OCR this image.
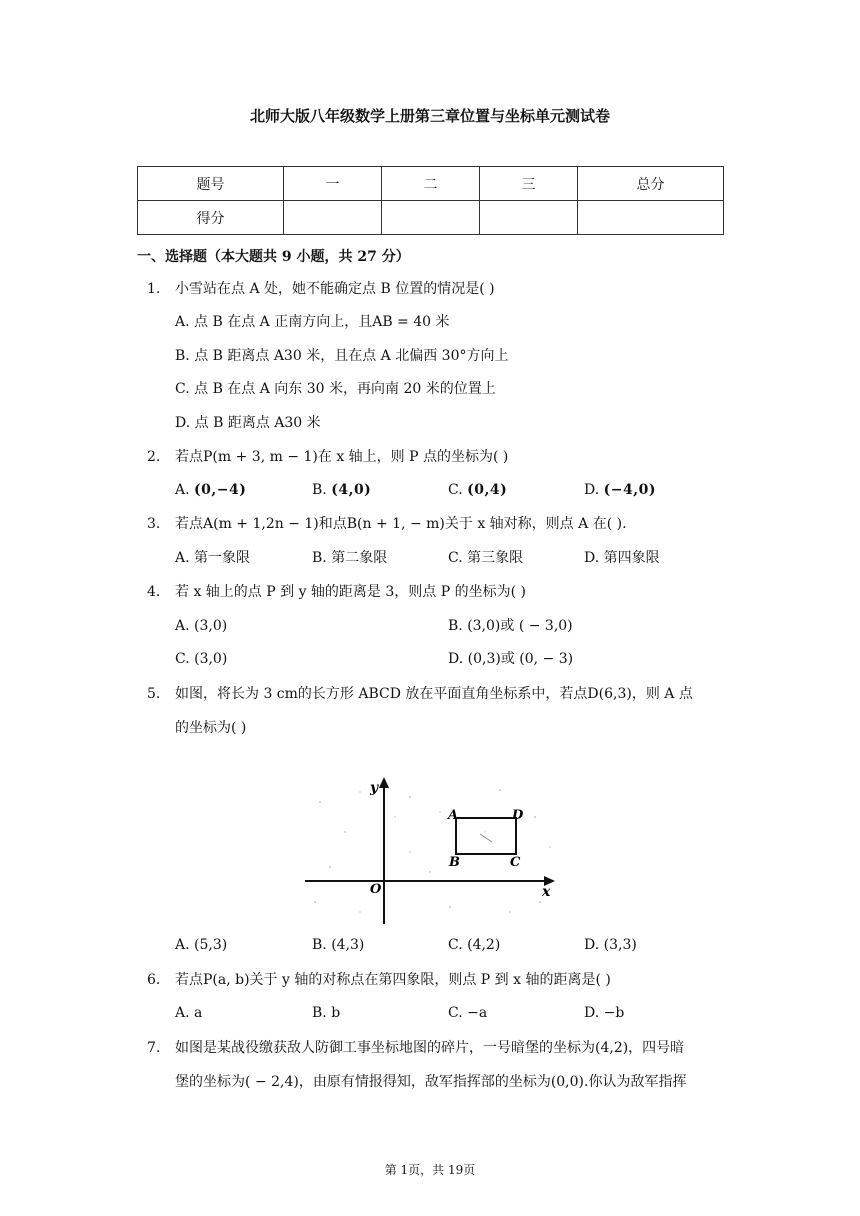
北师大版八年级数学上册第三章位置与坐标单元测试卷
题号	一	二	三	总分
得分				
一、选择题（本大题共 9 小题，共 27 分）
1. 小雪站在点 A 处，她不能确定点 B 位置的情况是( )
A. 点 B 在点 A 正南方向上，且AB = 40 米
B. 点 B 距离点 A30 米，且在点 A 北偏西 30°方向上
C. 点 B 在点 A 向东 30 米，再向南 20 米的位置上
D. 点 B 距离点 A30 米
2. 若点P(m + 3, m − 1)在 x 轴上，则 P 点的坐标为( )
A. (0,−4)	B. (4,0)	C. (0,4)	D. (−4,0)
3. 若点A(m + 1,2n − 1)和点B(n + 1, − m)关于 x 轴对称，则点 A 在( ).
A. 第一象限	B. 第二象限	C. 第三象限	D. 第四象限
4. 若 x 轴上的点 P 到 y 轴的距离是 3，则点 P 的坐标为( )
A. (3,0)	B. (3,0)或 ( − 3,0)
C. (3,0)	D. (0,3)或 (0, − 3)
5. 如图，将长为 3 cm的长方形 ABCD 放在平面直角坐标系中，若点D(6,3)，则 A 点
的坐标为( )
y
x
O
A
B	C
D
A. (5,3)	B. (4,3)	C. (4,2)	D. (3,3)
6. 若点P(a, b)关于 y 轴的对称点在第四象限，则点 P 到 x 轴的距离是( )
A. a	B. b	C. −a	D. −b
7. 如图是某战役缴获敌人防御工事坐标地图的碎片，一号暗堡的坐标为(4,2)，四号暗
堡的坐标为( − 2,4)，由原有情报得知，敌军指挥部的坐标为(0,0).你认为敌军指挥
第 1页，共 19页
